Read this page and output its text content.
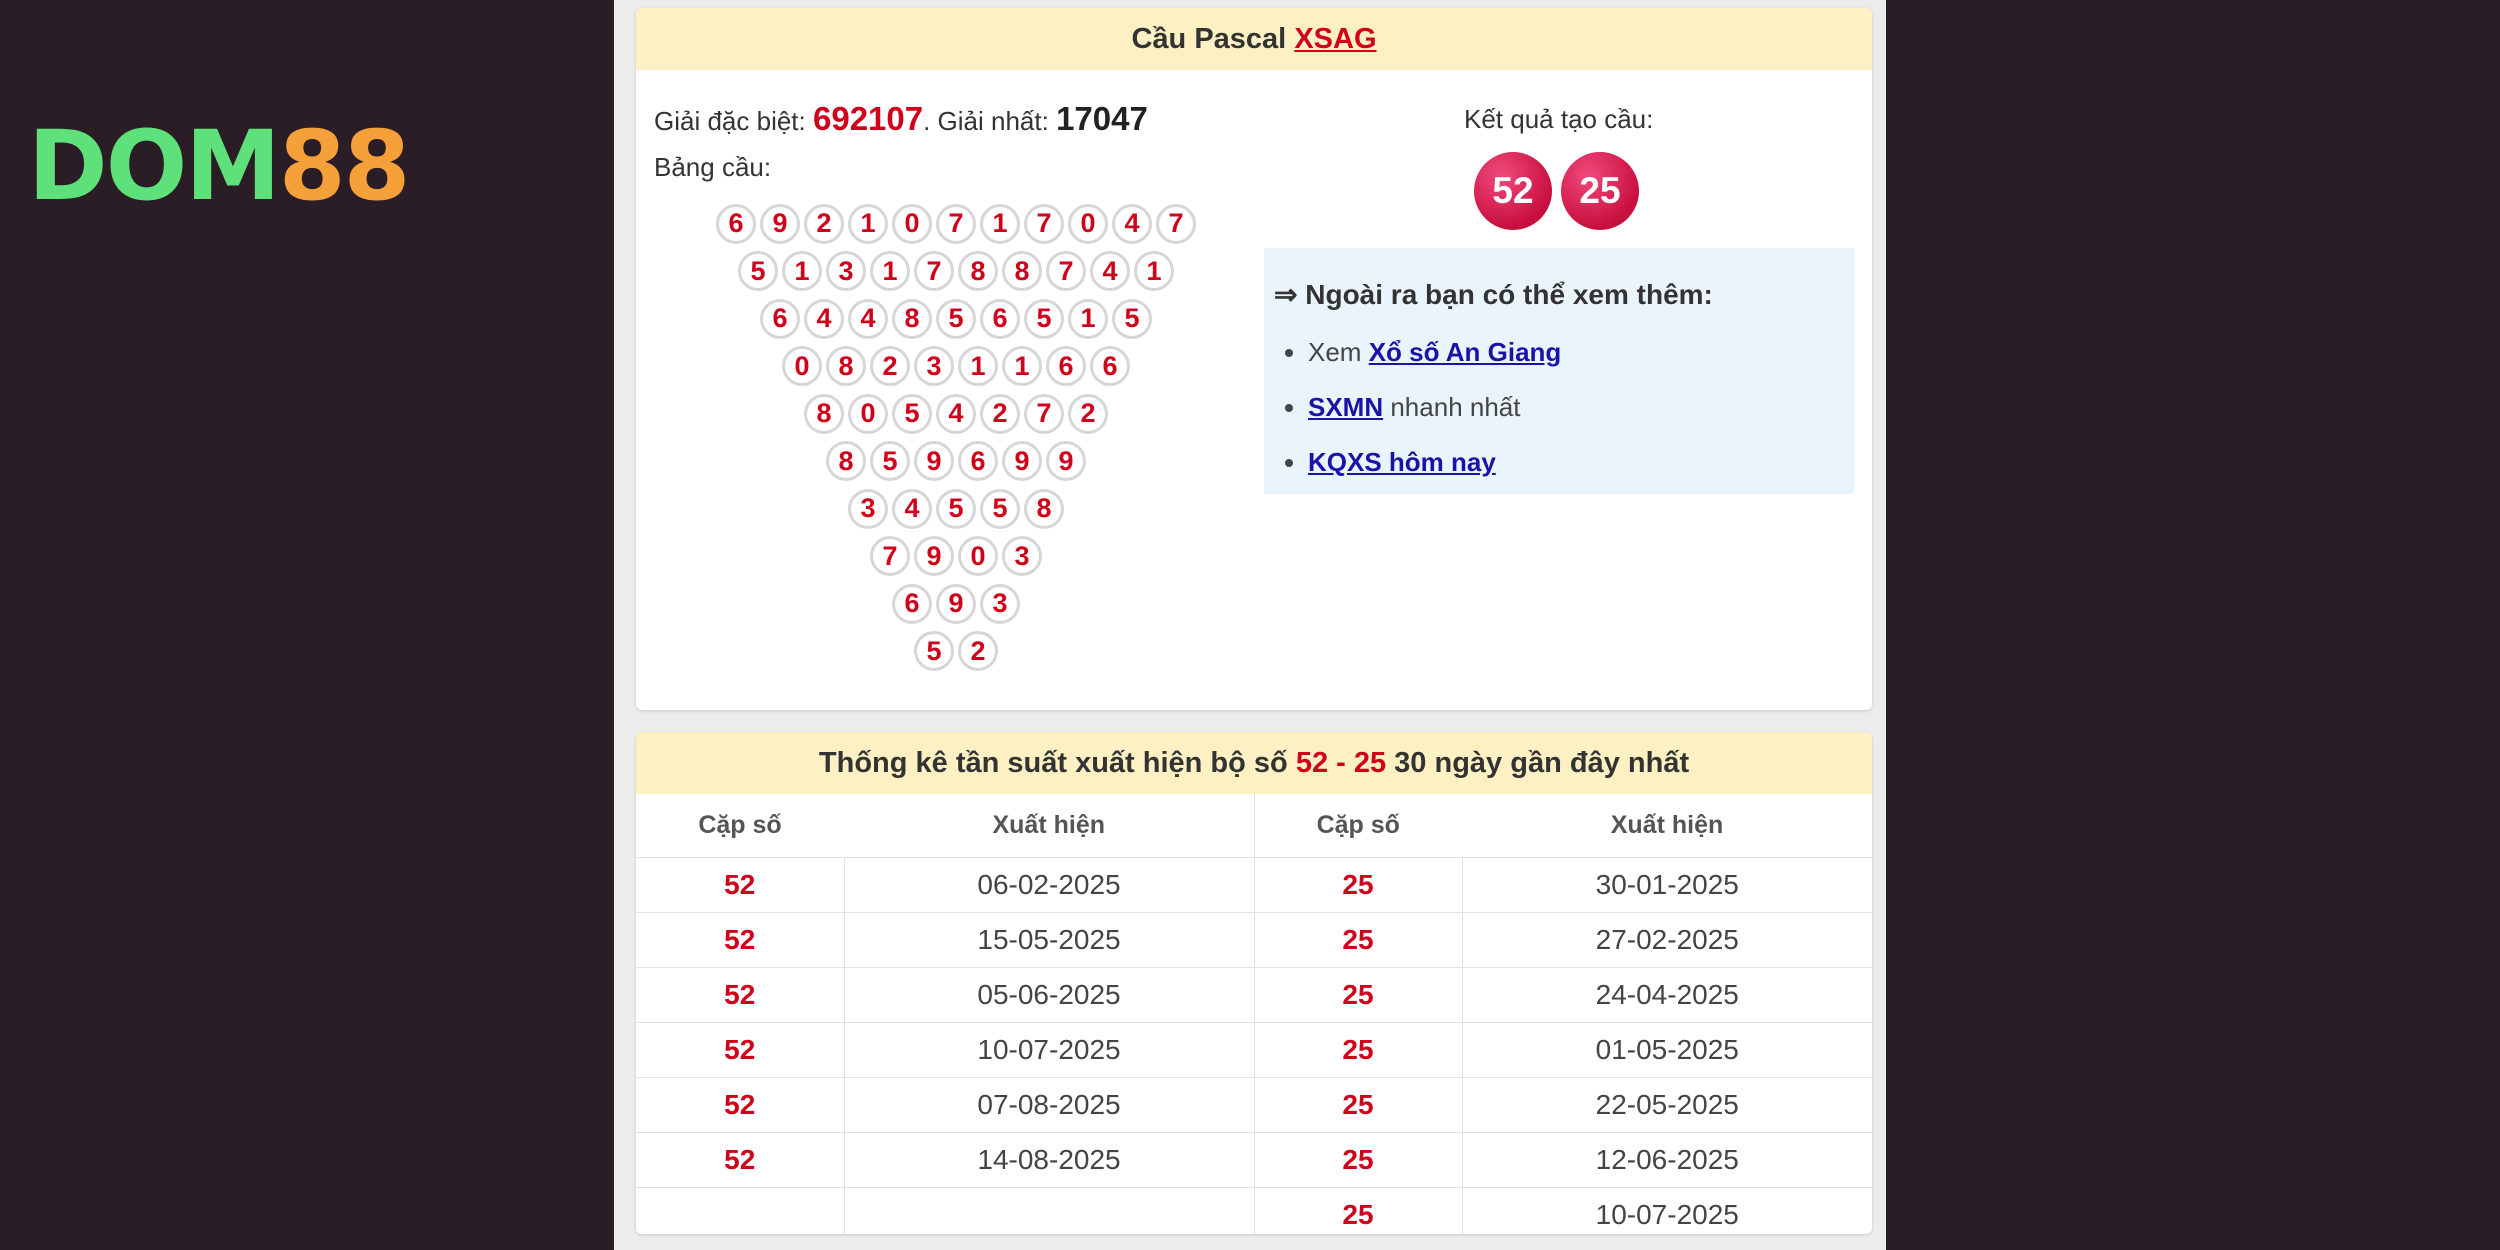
DOM88
Cầu Pascal XSAG
Giải đặc biệt: 692107. Giải nhất: 17047
Bảng cầu:
6	9	2	1	0	7	1	7	0	4	7
5	1	3	1	7	8	8	7	4	1
6	4	4	8	5	6	5	1	5
0	8	2	3	1	1	6	6
8	0	5	4	2	7	2
8	5	9	6	9	9
3	4	5	5	8
7	9	0	3
6	9	3
5	2
Kết quả tạo cầu:
52	25
⇒ Ngoài ra bạn có thể xem thêm:
• Xem Xổ số An Giang
• SXMN nhanh nhất
• KQXS hôm nay
Thống kê tần suất xuất hiện bộ số 52 - 25 30 ngày gần đây nhất
Cặp số	Xuất hiện	Cặp số	Xuất hiện
52	06-02-2025	25	30-01-2025
52	15-05-2025	25	27-02-2025
52	05-06-2025	25	24-04-2025
52	10-07-2025	25	01-05-2025
52	07-08-2025	25	22-05-2025
52	14-08-2025	25	12-06-2025
		25	10-07-2025
